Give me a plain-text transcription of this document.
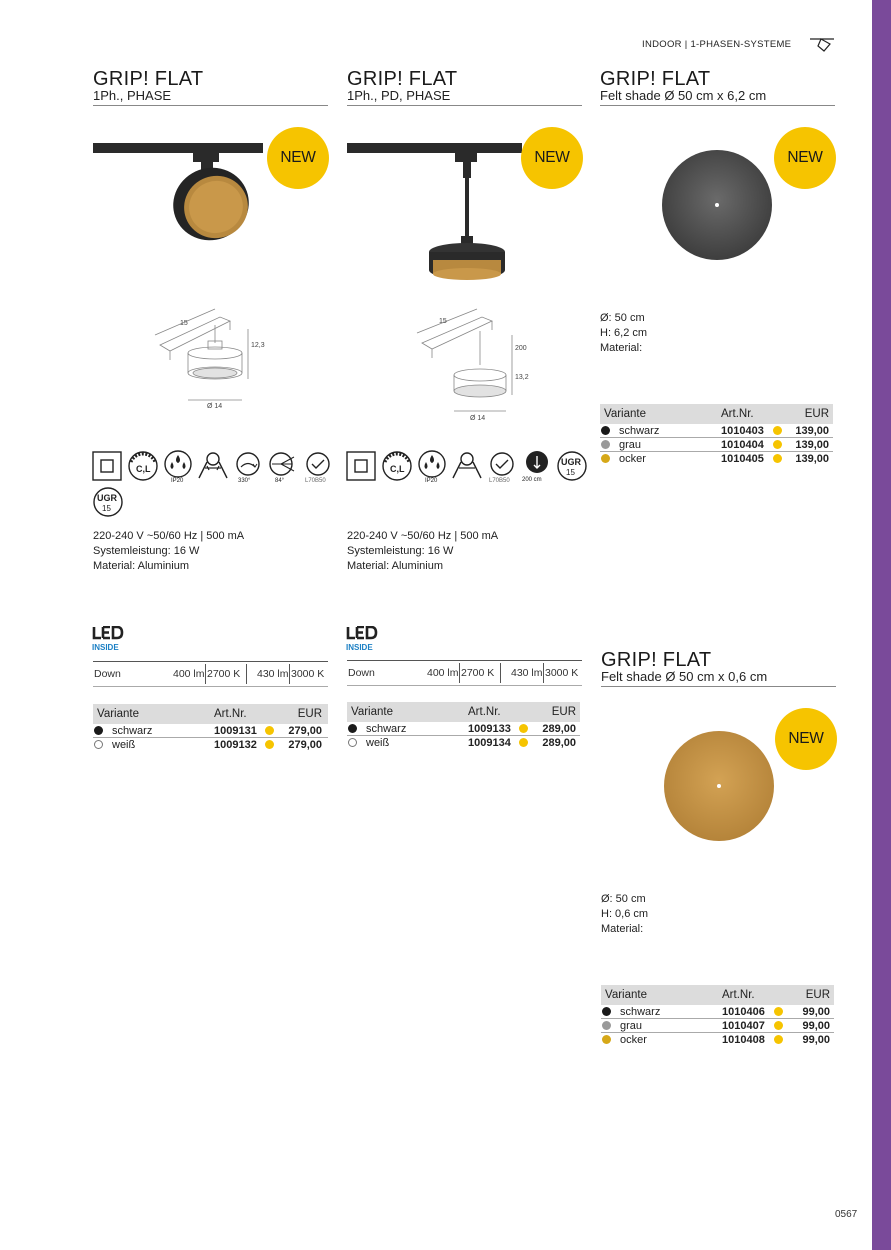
INDOOR | 1-PHASEN-SYSTEME
GRIP! FLAT
1Ph., PHASE
NEW
15
12,3
Ø 14
C,L
IP20	330°	84°	L70B50
UGR
15
220-240 V ~50/60 Hz | 500 mA
Systemleistung: 16 W
Material: Aluminium
INSIDE
Down	400 lm 2700 K 430 lm 3000 K
Variante	Art.Nr.	EUR
schwarz	1009131	279,00
weiß	1009132	279,00
GRIP! FLAT
1Ph., PD, PHASE
NEW
15
200
13,2
Ø 14
C,L
IP20	L70B50 200 cm
UGR
15
220-240 V ~50/60 Hz | 500 mA
Systemleistung: 16 W
Material: Aluminium
INSIDE
Down	400 lm 2700 K 430 lm 3000 K
Variante	Art.Nr.	EUR
schwarz	1009133	289,00
weiß	1009134	289,00
GRIP! FLAT
Felt shade Ø 50 cm x 6,2 cm
NEW
Ø: 50 cm
H: 6,2 cm
Material:
Variante	Art.Nr.	EUR
schwarz	1010403	139,00
grau	1010404	139,00
ocker	1010405	139,00
GRIP! FLAT
Felt shade Ø 50 cm x 0,6 cm
NEW
Ø: 50 cm
H: 0,6 cm
Material:
Variante	Art.Nr.	EUR
schwarz	1010406	99,00
grau	1010407	99,00
ocker	1010408	99,00
0567
